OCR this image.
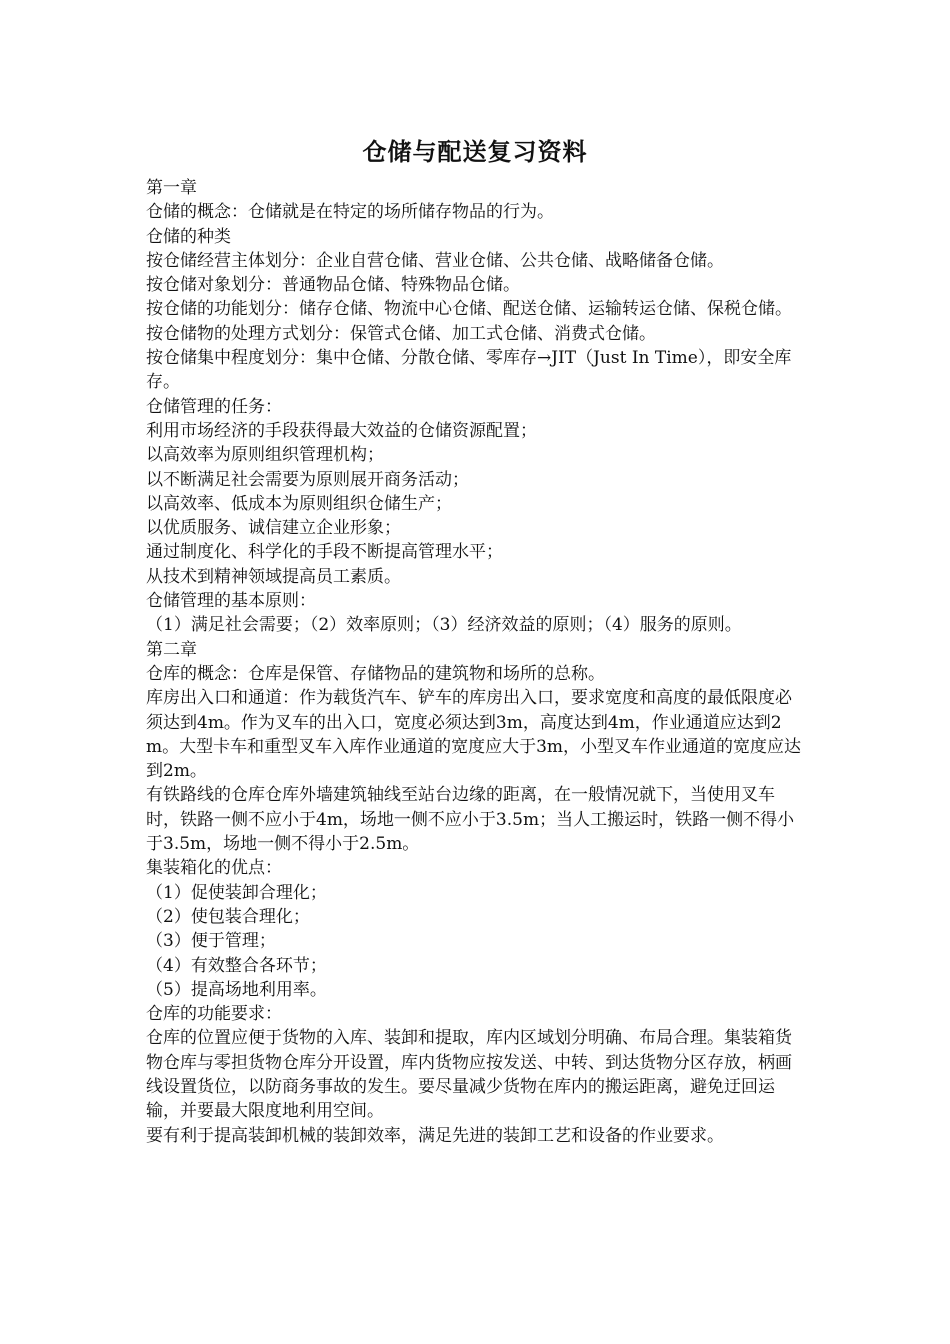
仓储与配送复习资料

第一章

仓储的概念：仓储就是在特定的场所储存物品的行为。

仓储的种类

按仓储经营主体划分：企业自营仓储、营业仓储、公共仓储、战略储备仓储。

按仓储对象划分：普通物品仓储、特殊物品仓储。

按仓储的功能划分：储存仓储、物流中心仓储、配送仓储、运输转运仓储、保税仓储。

按仓储物的处理方式划分：保管式仓储、加工式仓储、消费式仓储。

按仓储集中程度划分：集中仓储、分散仓储、零库存→JIT（Just In Time），即安全库存。

仓储管理的任务：

利用市场经济的手段获得最大效益的仓储资源配置；

以高效率为原则组织管理机构；

以不断满足社会需要为原则展开商务活动；

以高效率、低成本为原则组织仓储生产；

以优质服务、诚信建立企业形象；

通过制度化、科学化的手段不断提高管理水平；

从技术到精神领域提高员工素质。

仓储管理的基本原则：

（1）满足社会需要；（2）效率原则；（3）经济效益的原则；（4）服务的原则。

第二章

仓库的概念：仓库是保管、存储物品的建筑物和场所的总称。

库房出入口和通道：作为载货汽车、铲车的库房出入口，要求宽度和高度的最低限度必须达到4m。作为叉车的出入口，宽度必须达到3m，高度达到4m，作业通道应达到2m。大型卡车和重型叉车入库作业通道的宽度应大于3m，小型叉车作业通道的宽度应达到2m。

有铁路线的仓库仓库外墙建筑轴线至站台边缘的距离，在一般情况就下，当使用叉车时，铁路一侧不应小于4m，场地一侧不应小于3.5m；当人工搬运时，铁路一侧不得小于3.5m，场地一侧不得小于2.5m。

集装箱化的优点：

（1）促使装卸合理化；

（2）使包装合理化；

（3）便于管理；

（4）有效整合各环节；

（5）提高场地利用率。

仓库的功能要求：

仓库的位置应便于货物的入库、装卸和提取，库内区域划分明确、布局合理。集装箱货物仓库与零担货物仓库分开设置，库内货物应按发送、中转、到达货物分区存放，柄画线设置货位，以防商务事故的发生。要尽量减少货物在库内的搬运距离，避免迂回运输，并要最大限度地利用空间。

要有利于提高装卸机械的装卸效率，满足先进的装卸工艺和设备的作业要求。
